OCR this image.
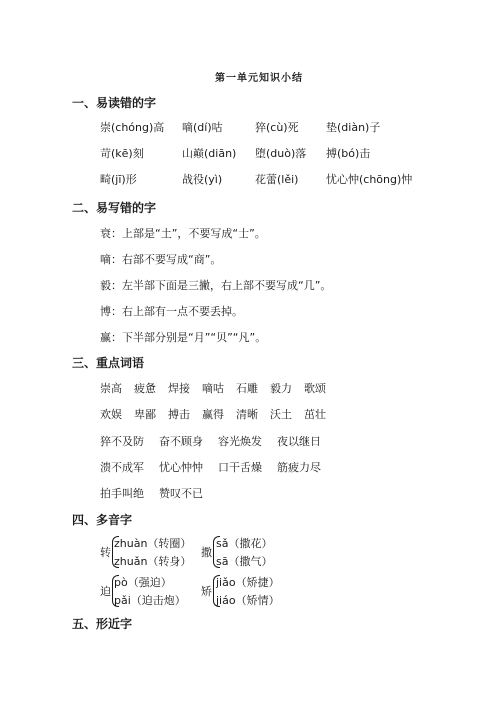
第一单元知识小结
一、易读错的字
崇(chóng)高	嘀(dí)咕	猝(cù)死	垫(diàn)子
苛(kē)刻	山巅(diān)	堕(duò)落	搏(bó)击
畸(jī)形	战役(yì)	花蕾(lěi)	忧心忡(chōng)忡
二、易写错的字
衰：上部是“土”，不要写成“士”。
嘀：右部不要写成“商”。
毅：左半部下面是三撇，右上部不要写成“几”。
博：右上部有一点不要丢掉。
赢：下半部分别是“月”“贝”“凡”。
三、重点词语
崇高	疲惫	焊接	嘀咕	石雕	毅力	歌颂
欢娱	卑鄙	搏击	赢得	清晰	沃土	茁壮
猝不及防	奋不顾身	容光焕发	夜以继日
溃不成军	忧心忡忡	口干舌燥	筋疲力尽
拍手叫绝	赞叹不已
四、多音字
转
zhuàn（转圈）
zhuǎn（转身）
撒
sǎ（撒花）
sā（撒气）
迫
pò（强迫）
pǎi（迫击炮）
矫
jiǎo（矫捷）
jiáo（矫情）
五、形近字
